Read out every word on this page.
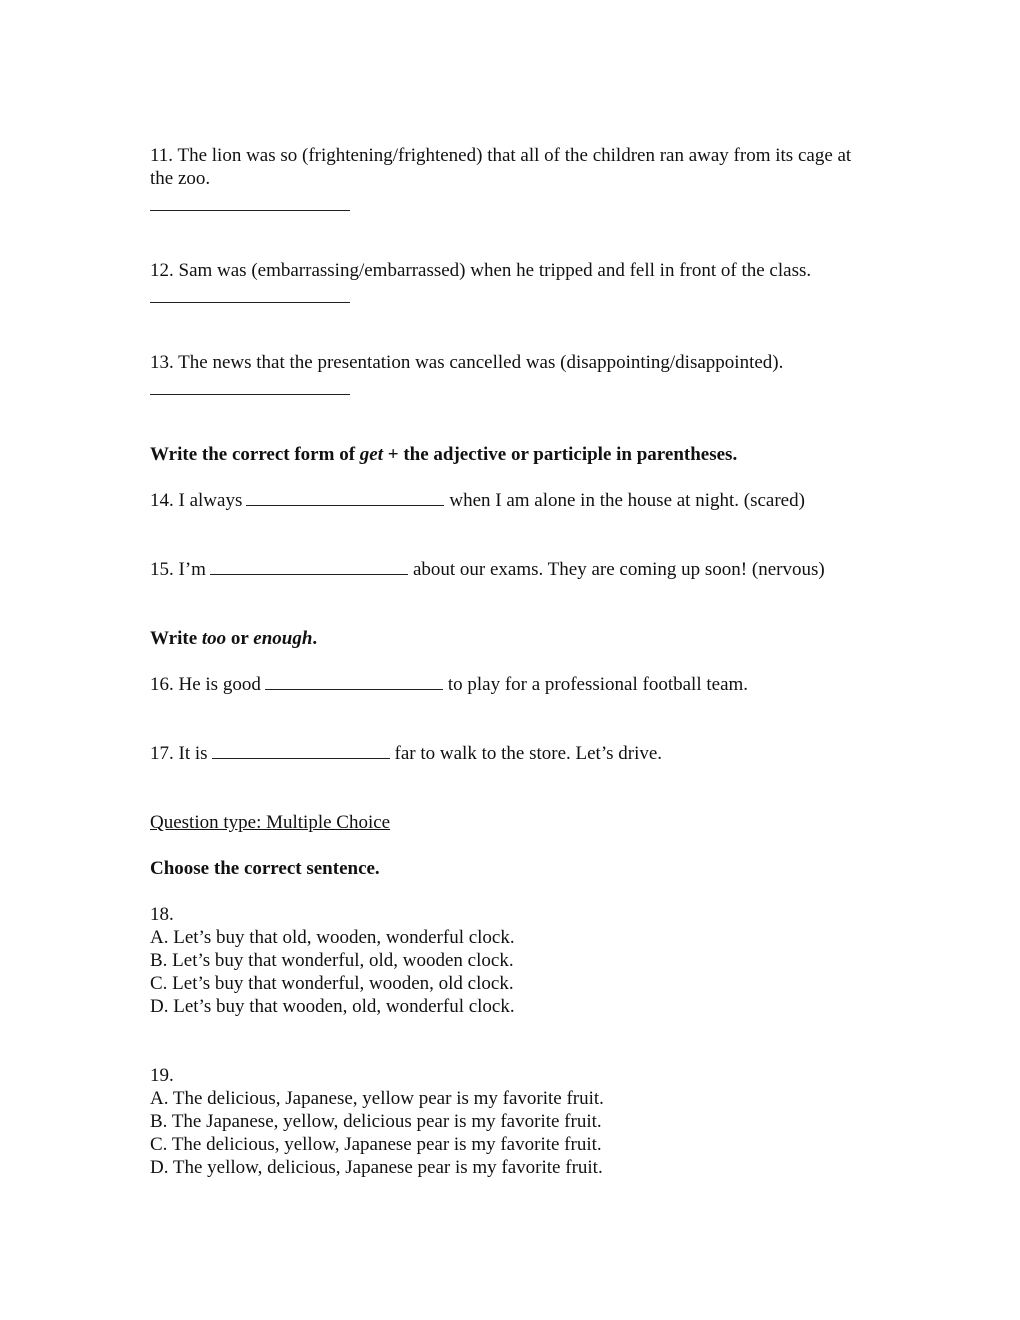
11. The lion was so (frightening/frightened) that all of the children ran away from its cage at the zoo.
12. Sam was (embarrassing/embarrassed) when he tripped and fell in front of the class.
13. The news that the presentation was cancelled was (disappointing/disappointed).
Write the correct form of get + the adjective or participle in parentheses.
14. I always	when I am alone in the house at night. (scared)
15. I’m	about our exams. They are coming up soon! (nervous)
Write too or enough.
16. He is good	to play for a professional football team.
17. It is	far to walk to the store. Let’s drive.
Question type: Multiple Choice
Choose the correct sentence.
18.
A. Let’s buy that old, wooden, wonderful clock.
B. Let’s buy that wonderful, old, wooden clock.
C. Let’s buy that wonderful, wooden, old clock.
D. Let’s buy that wooden, old, wonderful clock.
19.
A. The delicious, Japanese, yellow pear is my favorite fruit.
B. The Japanese, yellow, delicious pear is my favorite fruit.
C. The delicious, yellow, Japanese pear is my favorite fruit.
D. The yellow, delicious, Japanese pear is my favorite fruit.
